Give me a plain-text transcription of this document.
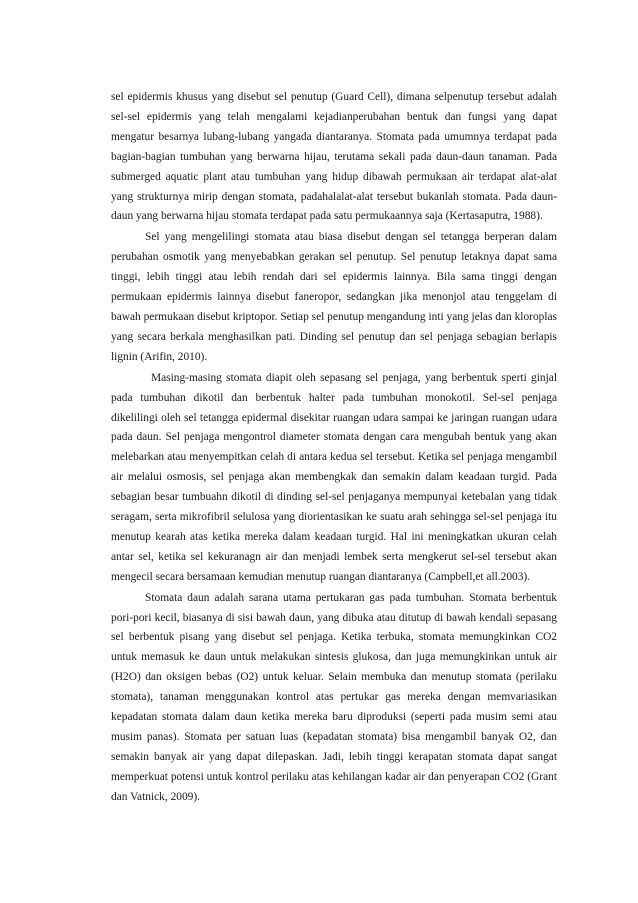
sel epidermis khusus yang disebut sel penutup (Guard Cell), dimana selpenutup tersebut adalah sel-sel epidermis yang telah mengalami kejadianperubahan bentuk dan fungsi yang dapat mengatur besarnya lubang-lubang yangada diantaranya. Stomata pada umumnya terdapat pada bagian-bagian tumbuhan yang berwarna hijau, terutama sekali pada daun-daun tanaman. Pada submerged aquatic plant atau tumbuhan yang hidup dibawah permukaan air terdapat alat-alat yang strukturnya mirip dengan stomata, padahalalat-alat tersebut bukanlah stomata. Pada daun-daun yang berwarna hijau stomata terdapat pada satu permukaannya saja (Kertasaputra, 1988).

Sel yang mengelilingi stomata atau biasa disebut dengan sel tetangga berperan dalam perubahan osmotik yang menyebabkan gerakan sel penutup. Sel penutup letaknya dapat sama tinggi, lebih tinggi atau lebih rendah dari sel epidermis lainnya. Bila sama tinggi dengan permukaan epidermis lainnya disebut faneropor, sedangkan jika menonjol atau tenggelam di bawah permukaan disebut kriptopor. Setiap sel penutup mengandung inti yang jelas dan kloroplas yang secara berkala menghasilkan pati. Dinding sel penutup dan sel penjaga sebagian berlapis lignin (Arifin, 2010).

Masing-masing stomata diapit oleh sepasang sel penjaga, yang berbentuk sperti ginjal pada tumbuhan dikotil dan berbentuk halter pada tumbuhan monokotil. Sel-sel penjaga dikelilingi oleh sel tetangga epidermal disekitar ruangan udara sampai ke jaringan ruangan udara pada daun. Sel penjaga mengontrol diameter stomata dengan cara mengubah bentuk yang akan melebarkan atau menyempitkan celah di antara kedua sel tersebut. Ketika sel penjaga mengambil air melalui osmosis, sel penjaga akan membengkak dan semakin dalam keadaan turgid. Pada sebagian besar tumbuahn dikotil di dinding sel-sel penjaganya mempunyai ketebalan yang tidak seragam, serta mikrofibril selulosa yang diorientasikan ke suatu arah sehingga sel-sel penjaga itu menutup kearah atas ketika mereka dalam keadaan turgid. Hal ini meningkatkan ukuran celah antar sel, ketika sel kekuranagn air dan menjadi lembek serta mengkerut sel-sel tersebut akan mengecil secara bersamaan kemudian menutup ruangan diantaranya (Campbell,et all.2003).

Stomata daun adalah sarana utama pertukaran gas pada tumbuhan. Stomata berbentuk pori-pori kecil, biasanya di sisi bawah daun, yang dibuka atau ditutup di bawah kendali sepasang sel berbentuk pisang yang disebut sel penjaga. Ketika terbuka, stomata memungkinkan CO2 untuk memasuk ke daun untuk melakukan sintesis glukosa, dan juga memungkinkan untuk air (H2O) dan oksigen bebas (O2) untuk keluar. Selain membuka dan menutup stomata (perilaku stomata), tanaman menggunakan kontrol atas pertukar gas mereka dengan memvariasikan kepadatan stomata dalam daun ketika mereka baru diproduksi (seperti pada musim semi atau musim panas). Stomata per satuan luas (kepadatan stomata) bisa mengambil banyak O2, dan semakin banyak air yang dapat dilepaskan. Jadi, lebih tinggi kerapatan stomata dapat sangat memperkuat potensi untuk kontrol perilaku atas kehilangan kadar air dan penyerapan CO2 (Grant dan Vatnick, 2009).
